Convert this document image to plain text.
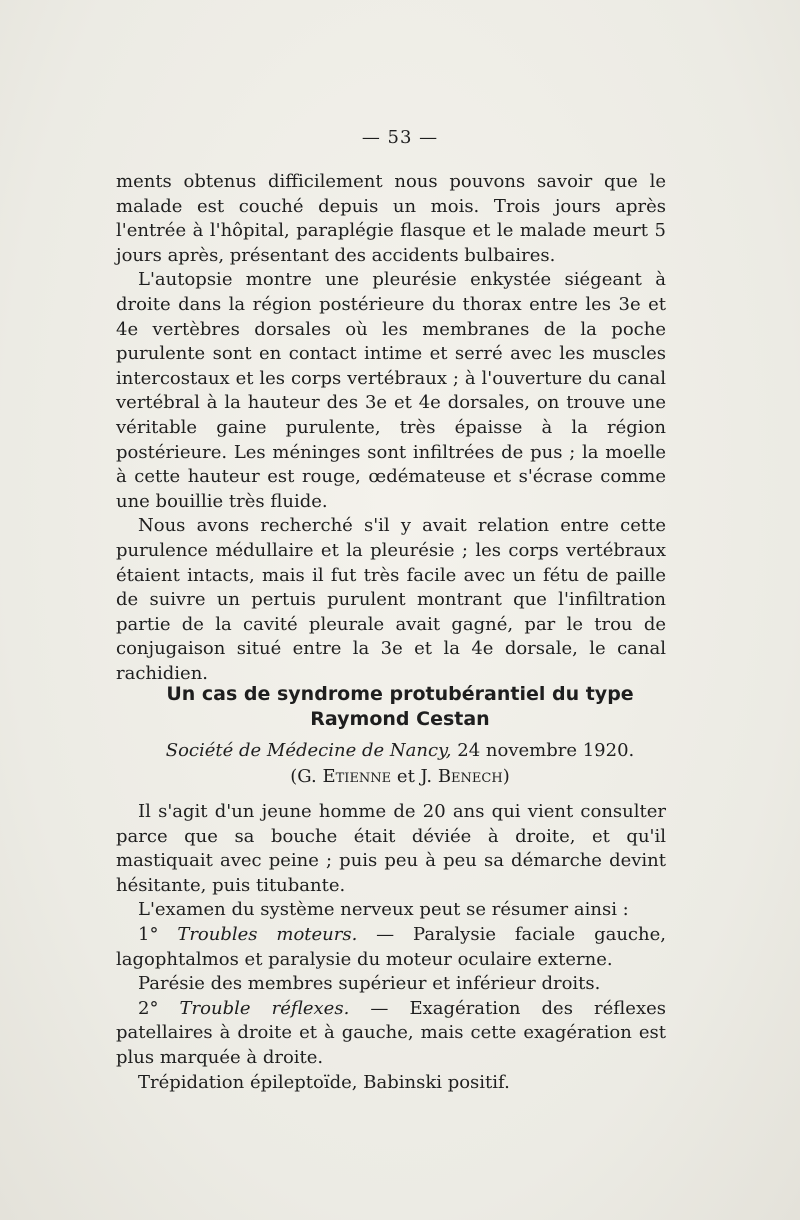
— 53 —

ments obtenus difficilement nous pouvons savoir que le malade est couché depuis un mois. Trois jours après l'entrée à l'hôpital, paraplégie flasque et le malade meurt 5 jours après, présentant des accidents bulbaires.

L'autopsie montre une pleurésie enkystée siégeant à droite dans la région postérieure du thorax entre les 3e et 4e vertèbres dorsales où les membranes de la poche purulente sont en contact intime et serré avec les muscles intercostaux et les corps vertébraux ; à l'ouverture du canal vertébral à la hauteur des 3e et 4e dorsales, on trouve une véritable gaine purulente, très épaisse à la région postérieure. Les méninges sont infiltrées de pus ; la moelle à cette hauteur est rouge, œdémateuse et s'écrase comme une bouillie très fluide.

Nous avons recherché s'il y avait relation entre cette purulence médullaire et la pleurésie ; les corps vertébraux étaient intacts, mais il fut très facile avec un fétu de paille de suivre un pertuis purulent montrant que l'infiltration partie de la cavité pleurale avait gagné, par le trou de conjugaison situé entre la 3e et la 4e dorsale, le canal rachidien.

Un cas de syndrome protubérantiel du type
Raymond Cestan
Société de Médecine de Nancy, 24 novembre 1920.
(G. Etienne et J. Benech)

Il s'agit d'un jeune homme de 20 ans qui vient consulter parce que sa bouche était déviée à droite, et qu'il mastiquait avec peine ; puis peu à peu sa démarche devint hésitante, puis titubante.

L'examen du système nerveux peut se résumer ainsi :

1° Troubles moteurs. — Paralysie faciale gauche, lagophtalmos et paralysie du moteur oculaire externe.

Parésie des membres supérieur et inférieur droits.

2° Trouble réflexes. — Exagération des réflexes patellaires à droite et à gauche, mais cette exagération est plus marquée à droite.

Trépidation épileptoïde, Babinski positif.
